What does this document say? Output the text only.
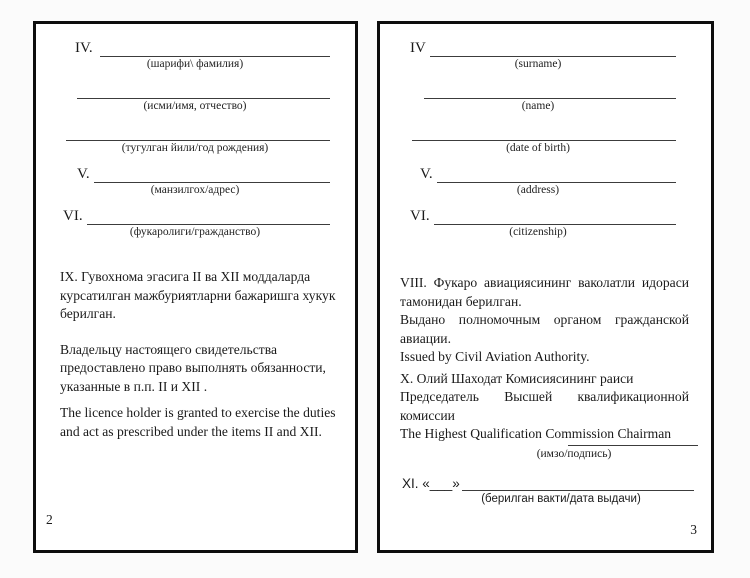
IV.
(шарифи\ фамилия)
(исми/имя, отчество)
(тугулган йили/год рождения)
V.
(манзилгох/адрес)
VI.
(фукаролиги/гражданство)

IX. Гувохнома эгасига II ва XII моддаларда курсатилган мажбуриятларни бажаришга хукук берилган.

Владельцу настоящего свидетельства предоставлено право выполнять обязанности, указанные в п.п. II и XII .

The licence holder is granted to exercise the duties and act as prescribed under the items II and XII.

2
IV
(surname)
(name)
(date of birth)
V.
(address)
VI.
(citizenship)

VIII. Фукаро авиациясининг ваколатли идораси тамонидан берилган.

Выдано полномочным органом гражданской авиации.

Issued by Civil Aviation Authority.

X. Олий Шаходат Комисиясининг раиси

Председатель Высшей квалификационной комиссии

The Highest Qualification Commission Chairman

(имзо/подпись)
XI. «___»
(берилган вакти/дата выдачи)
3
